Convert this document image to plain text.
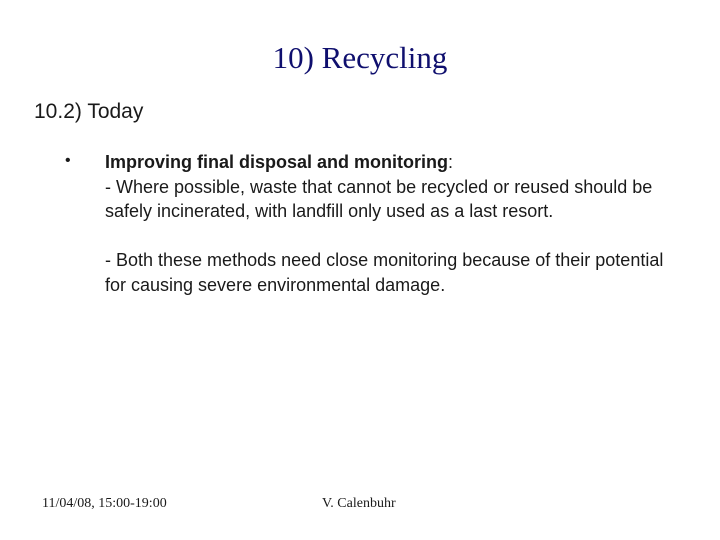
10) Recycling
10.2) Today
• Improving final disposal and monitoring:

- Where possible, waste that cannot be recycled or reused should be safely incinerated, with landfill only used as a last resort.

- Both these methods need close monitoring because of their potential for causing severe environmental damage.

11/04/08, 15:00-19:00	V. Calenbuhr
